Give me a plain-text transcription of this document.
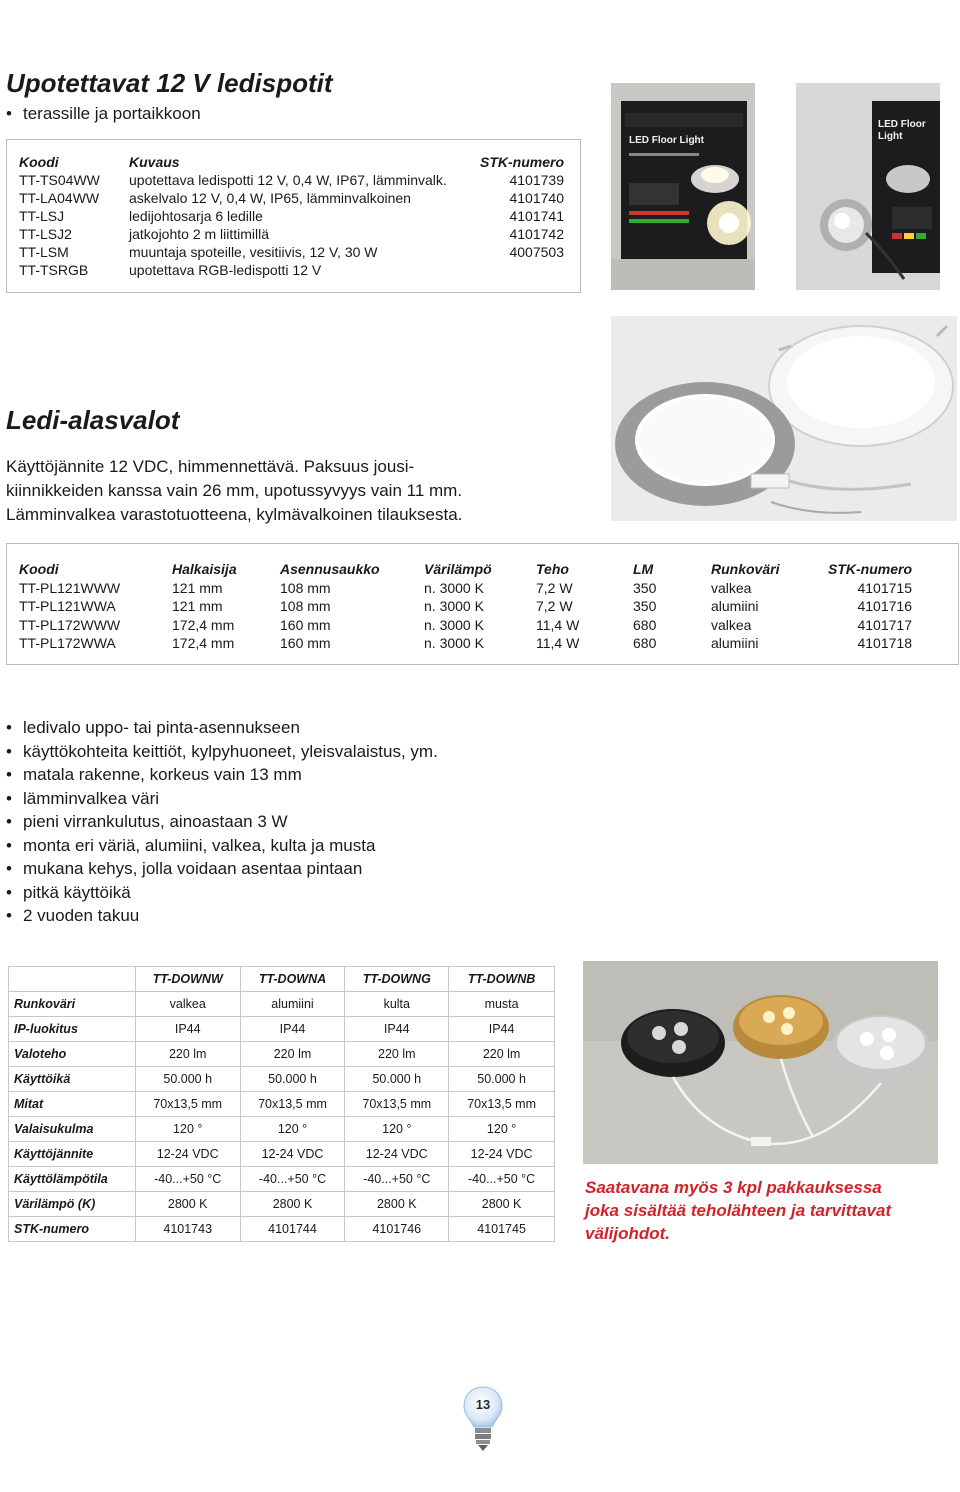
Upotettavat 12 V ledispotit
• terassille ja portaikkoon
Koodi	Kuvaus	STK-numero
TT-TS04WW	upotettava ledispotti 12 V, 0,4 W, IP67, lämminvalk.	4101739
TT-LA04WW	askelvalo 12 V, 0,4 W, IP65, lämminvalkoinen	4101740
TT-LSJ	ledijohtosarja 6 ledille	4101741
TT-LSJ2	jatkojohto 2 m liittimillä	4101742
TT-LSM	muuntaja spoteille, vesitiivis, 12 V, 30 W	4007503
TT-TSRGB	upotettava RGB-ledispotti 12 V	
LED Floor Light
LED Floor
Light
Ledi-alasvalot
Käyttöjännite 12 VDC, himmennettävä. Paksuus jousi-
kiinnikkeiden kanssa vain 26 mm, upotussyvyys vain 11 mm.
Lämminvalkea varastotuotteena, kylmävalkoinen tilauksesta.
Koodi	Halkaisija	Asennusaukko	Värilämpö	Teho	LM	Runkoväri	STK-numero
TT-PL121WWW	121 mm	108 mm	n. 3000 K	7,2 W	350	valkea	4101715
TT-PL121WWA	121 mm	108 mm	n. 3000 K	7,2 W	350	alumiini	4101716
TT-PL172WWW	172,4 mm	160 mm	n. 3000 K	11,4 W	680	valkea	4101717
TT-PL172WWA	172,4 mm	160 mm	n. 3000 K	11,4 W	680	alumiini	4101718
• ledivalo uppo- tai pinta-asennukseen
• käyttökohteita keittiöt, kylpyhuoneet, yleisvalaistus, ym.
• matala rakenne, korkeus vain 13 mm
• lämminvalkea väri
• pieni virrankulutus, ainoastaan 3 W
• monta eri väriä, alumiini, valkea, kulta ja musta
• mukana kehys, jolla voidaan asentaa pintaan
• pitkä käyttöikä
• 2 vuoden takuu
	TT-DOWNW	TT-DOWNA	TT-DOWNG	TT-DOWNB
Runkoväri	valkea	alumiini	kulta	musta
IP-luokitus	IP44	IP44	IP44	IP44
Valoteho	220 lm	220 lm	220 lm	220 lm
Käyttöikä	50.000 h	50.000 h	50.000 h	50.000 h
Mitat	70x13,5 mm	70x13,5 mm	70x13,5 mm	70x13,5 mm
Valaisukulma	120 °	120 °	120 °	120 °
Käyttöjännite	12-24 VDC	12-24 VDC	12-24 VDC	12-24 VDC
Käyttölämpötila	-40...+50 °C	-40...+50 °C	-40...+50 °C	-40...+50 °C
Värilämpö (K)	2800 K	2800 K	2800 K	2800 K
STK-numero	4101743	4101744	4101746	4101745
Saatavana myös 3 kpl pakkauksessa
joka sisältää teholähteen ja tarvittavat
välijohdot.
13
